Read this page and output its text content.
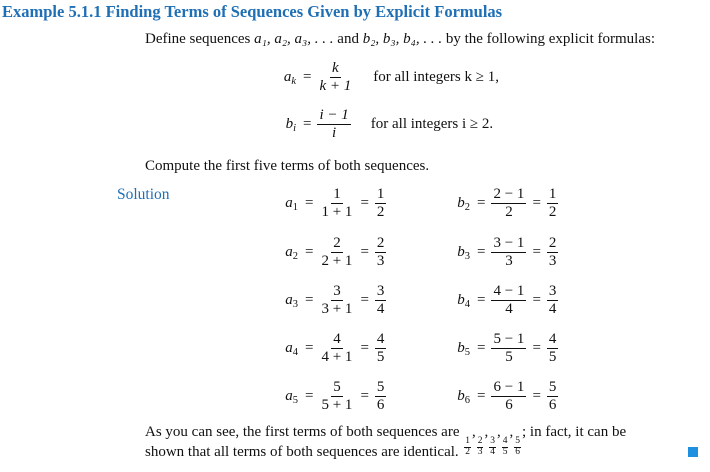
Example 5.1.1 Finding Terms of Sequences Given by Explicit Formulas
Define sequences a₁, a₂, a₃, . . . and b₂, b₃, b₄, . . . by the following explicit formulas:
$a_k = \frac{k}{k + 1}$ for all integers k ≥ 1,
$b_i = \frac{i - 1}{i}$ for all integers i ≥ 2.
Compute the first five terms of both sequences.
Solution
$a_1 = \frac{1}{1 + 1} = \frac{1}{2}$	$b_2 = \frac{2 - 1}{2} = \frac{1}{2}$
$a_2 = \frac{2}{2 + 1} = \frac{2}{3}$	$b_3 = \frac{3 - 1}{3} = \frac{2}{3}$
$a_3 = \frac{3}{3 + 1} = \frac{3}{4}$	$b_4 = \frac{4 - 1}{4} = \frac{3}{4}$
$a_4 = \frac{4}{4 + 1} = \frac{4}{5}$	$b_5 = \frac{5 - 1}{5} = \frac{4}{5}$
$a_5 = \frac{5}{5 + 1} = \frac{5}{6}$	$b_6 = \frac{6 - 1}{6} = \frac{5}{6}$
As you can see, the first terms of both sequences are
$\frac{1}{2}$
,
$\frac{2}{3}$
,
$\frac{3}{4}$
,
$\frac{4}{5}$
,
$\frac{5}{6}$
; in fact, it can be
shown that all terms of both sequences are identical.
